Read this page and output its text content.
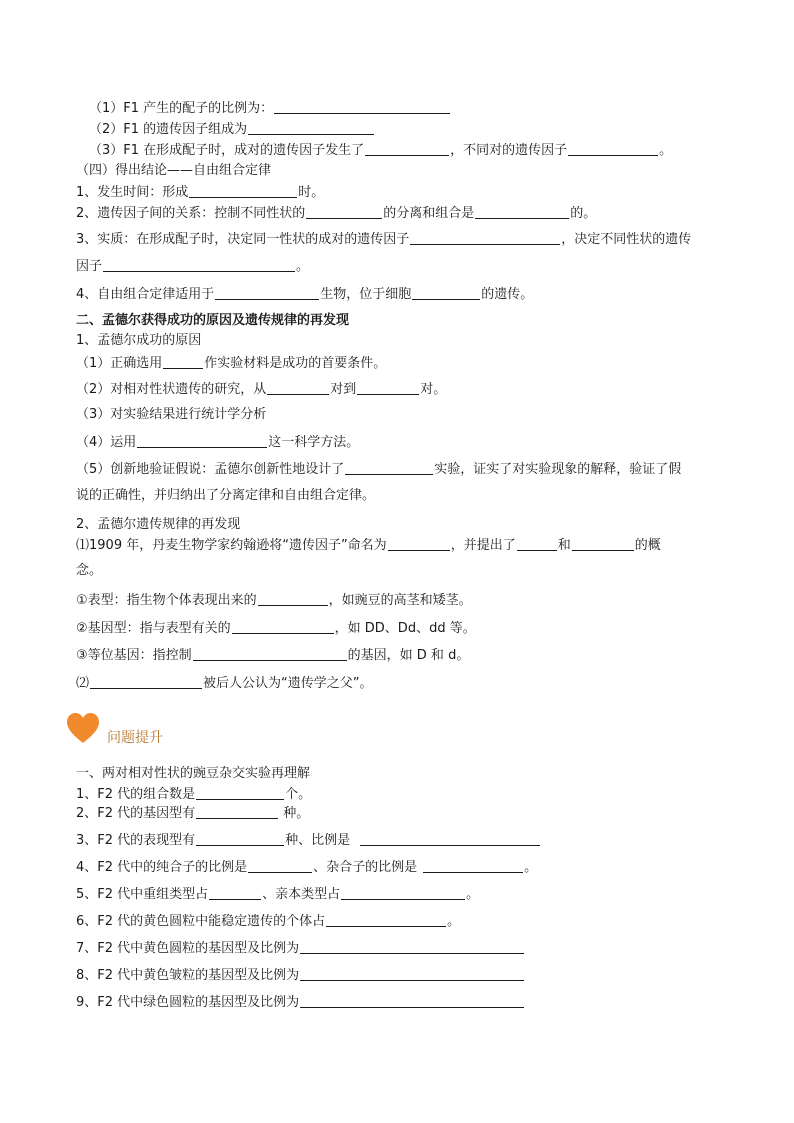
（1）F1 产生的配子的比例为：
（2）F1 的遗传因子组成为
（3）F1 在形成配子时，成对的遗传因子发生了	，不同对的遗传因子	。
（四）得出结论——自由组合定律
1、发生时间：形成	时。
2、遗传因子间的关系：控制不同性状的	的分离和组合是	的。
3、实质：在形成配子时，决定同一性状的成对的遗传因子	，决定不同性状的遗传
因子	。
4、自由组合定律适用于	生物，位于细胞	的遗传。
二、孟德尔获得成功的原因及遗传规律的再发现
1、孟德尔成功的原因
（1）正确选用	作实验材料是成功的首要条件。
（2）对相对性状遗传的研究，从	对到	对。
（3）对实验结果进行统计学分析
（4）运用	这一科学方法。
（5）创新地验证假说：孟德尔创新性地设计了	实验，证实了对实验现象的解释，验证了假
说的正确性，并归纳出了分离定律和自由组合定律。
2、孟德尔遗传规律的再发现
⑴1909 年，丹麦生物学家约翰逊将“遗传因子”命名为	，并提出了	和	的概
念。
①表型：指生物个体表现出来的	，如豌豆的高茎和矮茎。
②基因型：指与表型有关的	，如 DD、Dd、dd 等。
③等位基因：指控制	的基因，如 D 和 d。
⑵	被后人公认为“遗传学之父”。
问题提升
一、两对相对性状的豌豆杂交实验再理解
1、F2 代的组合数是	个。
2、F2 代的基因型有	种。
3、F2 代的表现型有	种、比例是
4、F2 代中的纯合子的比例是	、杂合子的比例是	。
5、F2 代中重组类型占	、亲本类型占	。
6、F2 代的黄色圆粒中能稳定遗传的个体占	。
7、F2 代中黄色圆粒的基因型及比例为
8、F2 代中黄色皱粒的基因型及比例为
9、F2 代中绿色圆粒的基因型及比例为
